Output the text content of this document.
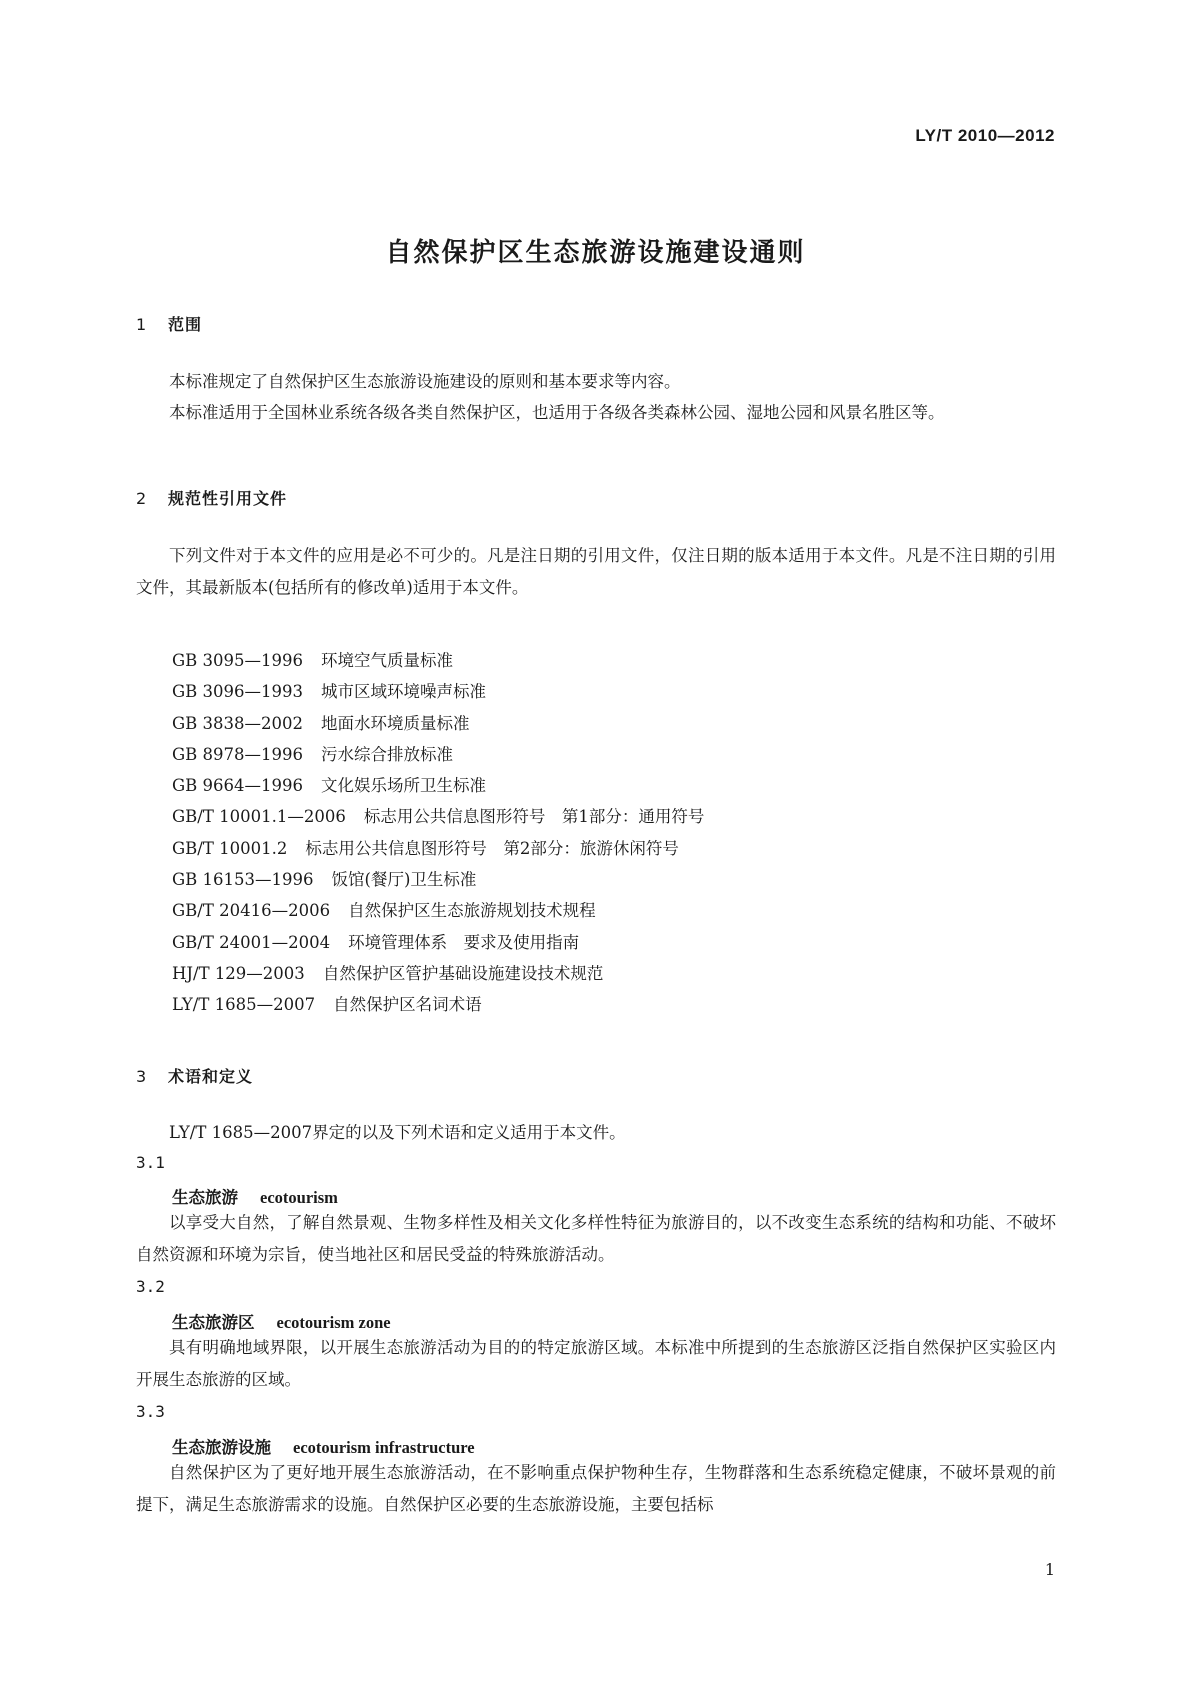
LY/T 2010—2012
自然保护区生态旅游设施建设通则
1 范围

本标准规定了自然保护区生态旅游设施建设的原则和基本要求等内容。

本标准适用于全国林业系统各级各类自然保护区，也适用于各级各类森林公园、湿地公园和风景名胜区等。

2 规范性引用文件

下列文件对于本文件的应用是必不可少的。凡是注日期的引用文件，仅注日期的版本适用于本文件。凡是不注日期的引用文件，其最新版本(包括所有的修改单)适用于本文件。

GB 3095—1996 环境空气质量标准
GB 3096—1993 城市区域环境噪声标准
GB 3838—2002 地面水环境质量标准
GB 8978—1996 污水综合排放标准
GB 9664—1996 文化娱乐场所卫生标准
GB/T 10001.1—2006 标志用公共信息图形符号　第1部分：通用符号
GB/T 10001.2 标志用公共信息图形符号　第2部分：旅游休闲符号
GB 16153—1996 饭馆(餐厅)卫生标准
GB/T 20416—2006 自然保护区生态旅游规划技术规程
GB/T 24001—2004 环境管理体系　要求及使用指南
HJ/T 129—2003 自然保护区管护基础设施建设技术规范
LY/T 1685—2007 自然保护区名词术语
3 术语和定义

LY/T 1685—2007界定的以及下列术语和定义适用于本文件。

3.1
生态旅游 ecotourism

以享受大自然，了解自然景观、生物多样性及相关文化多样性特征为旅游目的，以不改变生态系统的结构和功能、不破坏自然资源和环境为宗旨，使当地社区和居民受益的特殊旅游活动。

3.2
生态旅游区 ecotourism zone

具有明确地域界限，以开展生态旅游活动为目的的特定旅游区域。本标准中所提到的生态旅游区泛指自然保护区实验区内开展生态旅游的区域。

3.3
生态旅游设施 ecotourism infrastructure

自然保护区为了更好地开展生态旅游活动，在不影响重点保护物种生存，生物群落和生态系统稳定健康，不破坏景观的前提下，满足生态旅游需求的设施。自然保护区必要的生态旅游设施，主要包括标

1
